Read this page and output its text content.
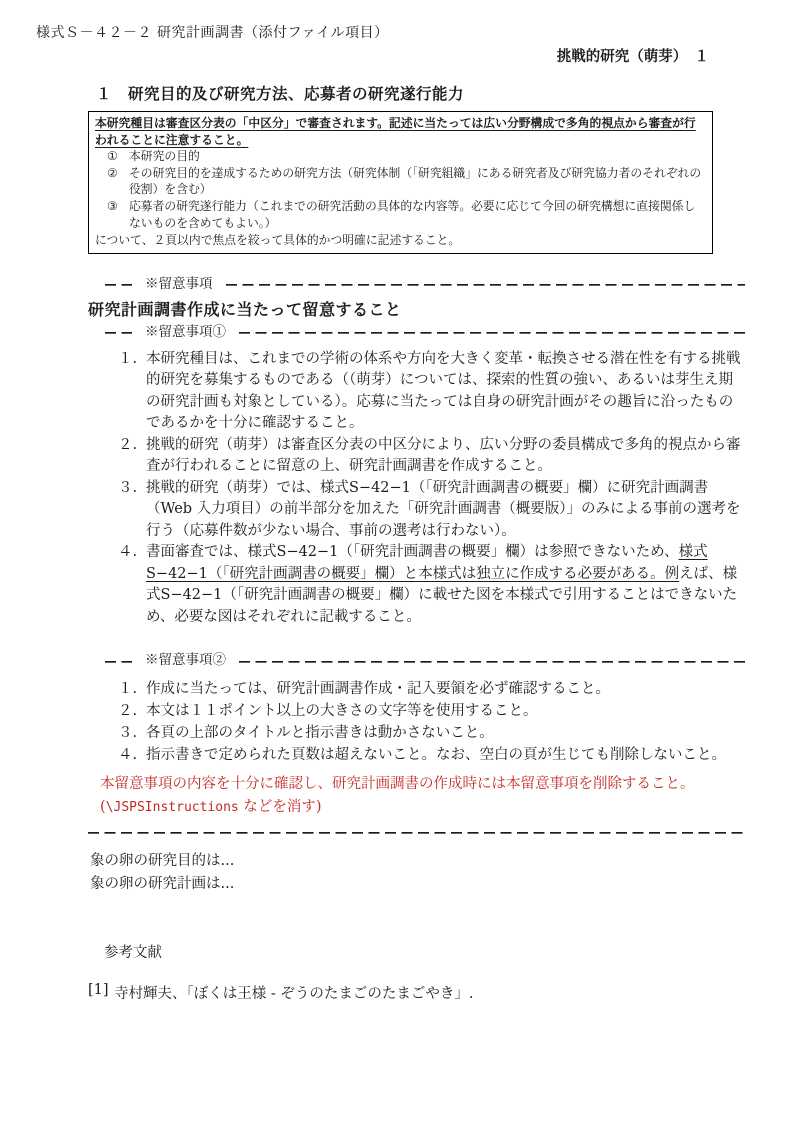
様式Ｓ－４２－２ 研究計画調書（添付ファイル項目）
挑戦的研究（萌芽）　１
１　研究目的及び研究方法、応募者の研究遂行能力
本研究種目は審査区分表の「中区分」で審査されます。記述に当たっては広い分野構成で多角的視点から審査が行われることに注意すること。
① 本研究の目的
② その研究目的を達成するための研究方法（研究体制（「研究組織」にある研究者及び研究協力者のそれぞれの役割）を含む）
③ 応募者の研究遂行能力（これまでの研究活動の具体的な内容等。必要に応じて今回の研究構想に直接関係しないものを含めてもよい。）
について、２頁以内で焦点を絞って具体的かつ明確に記述すること。
※留意事項
研究計画調書作成に当たって留意すること
※留意事項①
１. 本研究種目は、これまでの学術の体系や方向を大きく変革・転換させる潜在性を有する挑戦的研究を募集するものである（（萌芽）については、探索的性質の強い、あるいは芽生え期の研究計画も対象としている）。応募に当たっては自身の研究計画がその趣旨に沿ったものであるかを十分に確認すること。
２. 挑戦的研究（萌芽）は審査区分表の中区分により、広い分野の委員構成で多角的視点から審査が行われることに留意の上、研究計画調書を作成すること。
３. 挑戦的研究（萌芽）では、様式S−42−1（「研究計画調書の概要」欄）に研究計画調書（Web 入力項目）の前半部分を加えた「研究計画調書（概要版）」のみによる事前の選考を行う（応募件数が少ない場合、事前の選考は行わない）。
４. 書面審査では、様式S−42−1（「研究計画調書の概要」欄）は参照できないため、様式S−42−1（「研究計画調書の概要」欄）と本様式は独立に作成する必要がある。例えば、様式S−42−1（「研究計画調書の概要」欄）に載せた図を本様式で引用することはできないため、必要な図はそれぞれに記載すること。
※留意事項②
１. 作成に当たっては、研究計画調書作成・記入要領を必ず確認すること。
２. 本文は１１ポイント以上の大きさの文字等を使用すること。
３. 各頁の上部のタイトルと指示書きは動かさないこと。
４. 指示書きで定められた頁数は超えないこと。なお、空白の頁が生じても削除しないこと。
本留意事項の内容を十分に確認し、研究計画調書の作成時には本留意事項を削除すること。
(\JSPSInstructions などを消す)
象の卵の研究目的は...
象の卵の研究計画は...
参考文献
[1] 寺村輝夫、「ぼくは王様 - ぞうのたまごのたまごやき」.
